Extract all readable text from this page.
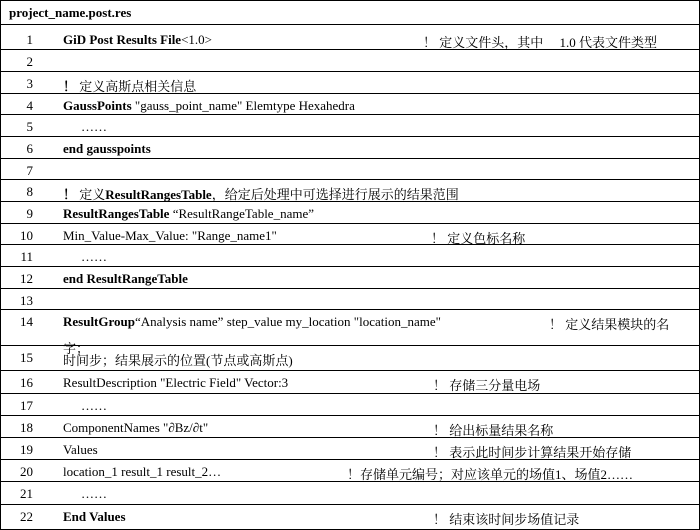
project_name.post.res
1 GiD Post Results File<1.0>	！ 定义文件头，其中　 1.0 代表文件类型
2
3 ！ 定义高斯点相关信息
4 GaussPoints "gauss_point_name" Elemtype Hexahedra
5	……
6 end gausspoints
7
8 ！ 定义ResultRangesTable，给定后处理中可选择进行展示的结果范围
9 ResultRangesTable “ResultRangeTable_name”
10 Min_Value-Max_Value: "Range_name1"	！ 定义色标名称
11	……
12 end ResultRangeTable
13
14 ResultGroup“Analysis name” step_value my_location "location_name"	！ 定义结果模块的名
字；
15 时间步；结果展示的位置(节点或高斯点)
16 ResultDescription "Electric Field" Vector:3	！ 存储三分量电场
17	……
18 ComponentNames "∂Bz/∂t"	！ 给出标量结果名称
19 Values	！ 表示此时间步计算结果开始存储
20 location_1 result_1 result_2…	！存储单元编号；对应该单元的场值1、场值2……
21	……
22 End Values	！ 结束该时间步场值记录
